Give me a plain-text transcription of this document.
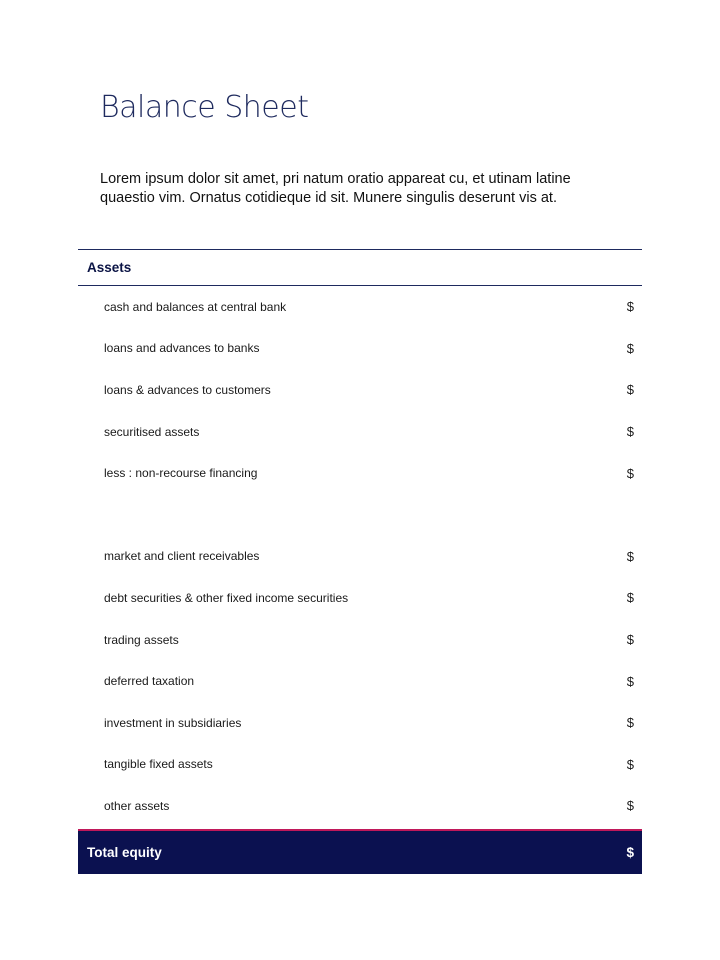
Balance Sheet

Lorem ipsum dolor sit amet, pri natum oratio appareat cu, et utinam latine quaestio vim. Ornatus cotidieque id sit. Munere singulis deserunt vis at.

Assets
cash and balances at central bank	$
loans and advances to banks	$
loans & advances to customers	$
securitised assets	$
less : non-recourse financing	$
market and client receivables	$
debt securities & other fixed income securities	$
trading assets	$
deferred taxation	$
investment in subsidiaries	$
tangible fixed assets	$
other assets	$
Total equity	$
